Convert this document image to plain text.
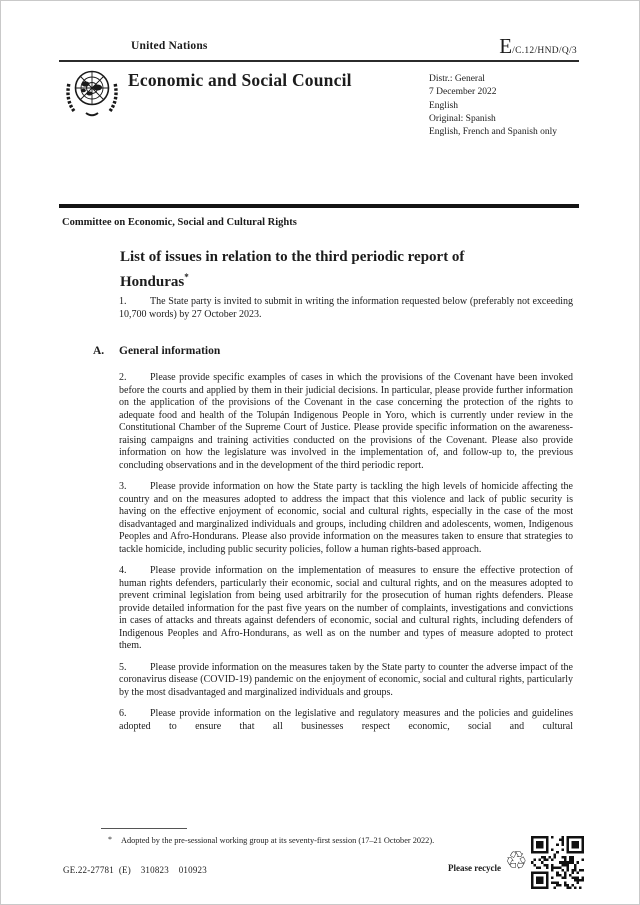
United Nations	E/C.12/HND/Q/3
Economic and Social Council	Distr.: General
7 December 2022
English
Original: Spanish
English, French and Spanish only
Committee on Economic, Social and Cultural Rights
List of issues in relation to the third periodic report of
Honduras*
1. The State party is invited to submit in writing the information requested below (preferably not exceeding 10,700 words) by 27 October 2023.
A. General information
2. Please provide specific examples of cases in which the provisions of the Covenant have been invoked before the courts and applied by them in their judicial decisions. In particular, please provide further information on the application of the provisions of the Covenant in the case concerning the protection of the rights to adequate food and health of the Tolupán Indigenous People in Yoro, which is currently under review in the Constitutional Chamber of the Supreme Court of Justice. Please provide specific information on the awareness-raising campaigns and training activities conducted on the provisions of the Covenant. Please also provide information on how the legislature was involved in the implementation of, and follow-up to, the previous concluding observations and in the development of the third periodic report.
3. Please provide information on how the State party is tackling the high levels of homicide affecting the country and on the measures adopted to address the impact that this violence and lack of public security is having on the effective enjoyment of economic, social and cultural rights, especially in the case of the most disadvantaged and marginalized individuals and groups, including children and adolescents, women, Indigenous Peoples and Afro-Hondurans. Please also provide information on the measures taken to ensure that strategies to tackle homicide, including public security policies, follow a human rights-based approach.
4. Please provide information on the implementation of measures to ensure the effective protection of human rights defenders, particularly their economic, social and cultural rights, and on the measures adopted to prevent criminal legislation from being used arbitrarily for the prosecution of human rights defenders. Please provide detailed information for the past five years on the number of complaints, investigations and convictions in cases of attacks and threats against defenders of economic, social and cultural rights, including defenders of Indigenous Peoples and Afro-Hondurans, as well as on the number and types of measure adopted to protect them.
5. Please provide information on the measures taken by the State party to counter the adverse impact of the coronavirus disease (COVID-19) pandemic on the enjoyment of economic, social and cultural rights, particularly by the most disadvantaged and marginalized individuals and groups.
6. Please provide information on the legislative and regulatory measures and the policies and guidelines adopted to ensure that all businesses respect economic, social and cultural
* Adopted by the pre-sessional working group at its seventy-first session (17–21 October 2022).
GE.22-27781  (E)    310823    010923	Please recycle ♲
